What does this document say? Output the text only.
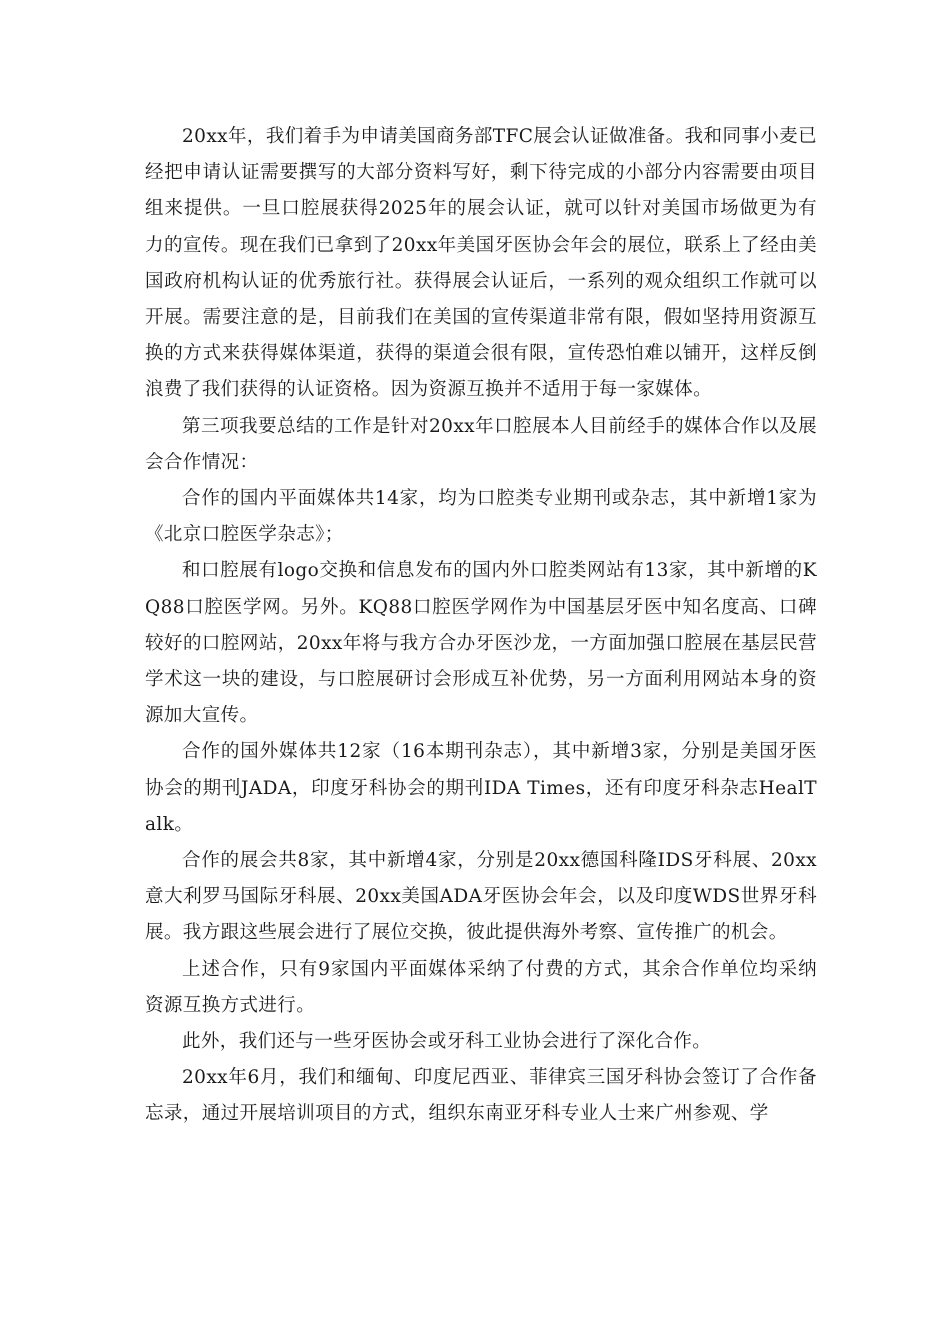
20xx年，我们着手为申请美国商务部TFC展会认证做准备。我和同事小麦已经把申请认证需要撰写的大部分资料写好，剩下待完成的小部分内容需要由项目组来提供。一旦口腔展获得2025年的展会认证，就可以针对美国市场做更为有力的宣传。现在我们已拿到了20xx年美国牙医协会年会的展位，联系上了经由美国政府机构认证的优秀旅行社。获得展会认证后，一系列的观众组织工作就可以开展。需要注意的是，目前我们在美国的宣传渠道非常有限，假如坚持用资源互换的方式来获得媒体渠道，获得的渠道会很有限，宣传恐怕难以铺开，这样反倒浪费了我们获得的认证资格。因为资源互换并不适用于每一家媒体。

第三项我要总结的工作是针对20xx年口腔展本人目前经手的媒体合作以及展会合作情况：

合作的国内平面媒体共14家，均为口腔类专业期刊或杂志，其中新增1家为《北京口腔医学杂志》；

和口腔展有logo交换和信息发布的国内外口腔类网站有13家，其中新增的KQ88口腔医学网。另外。KQ88口腔医学网作为中国基层牙医中知名度高、口碑较好的口腔网站，20xx年将与我方合办牙医沙龙，一方面加强口腔展在基层民营学术这一块的建设，与口腔展研讨会形成互补优势，另一方面利用网站本身的资源加大宣传。

合作的国外媒体共12家（16本期刊杂志），其中新增3家，分别是美国牙医协会的期刊JADA，印度牙科协会的期刊IDA Times，还有印度牙科杂志HealTalk。

合作的展会共8家，其中新增4家，分别是20xx德国科隆IDS牙科展、20xx意大利罗马国际牙科展、20xx美国ADA牙医协会年会，以及印度WDS世界牙科展。我方跟这些展会进行了展位交换，彼此提供海外考察、宣传推广的机会。

上述合作，只有9家国内平面媒体采纳了付费的方式，其余合作单位均采纳资源互换方式进行。

此外，我们还与一些牙医协会或牙科工业协会进行了深化合作。

20xx年6月，我们和缅甸、印度尼西亚、菲律宾三国牙科协会签订了合作备忘录，通过开展培训项目的方式，组织东南亚牙科专业人士来广州参观、学
